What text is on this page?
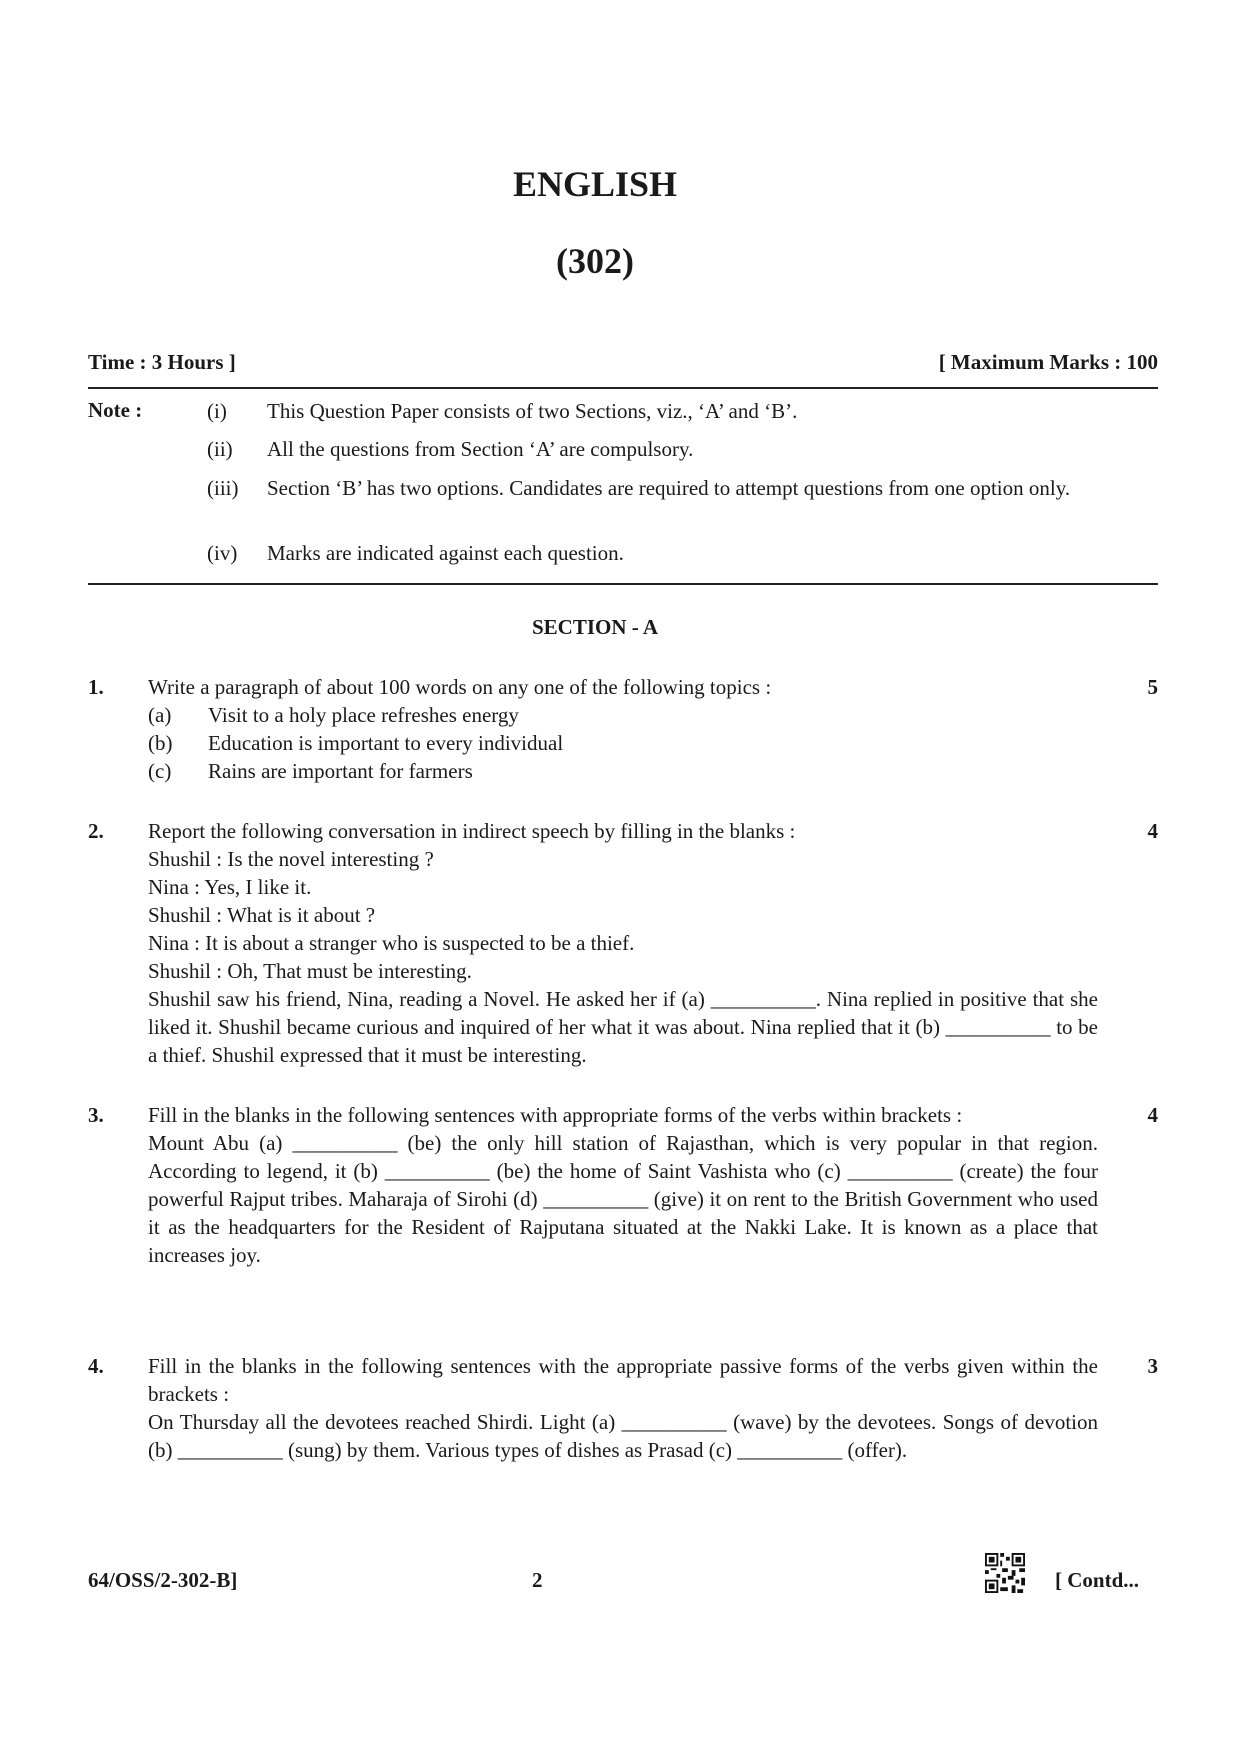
ENGLISH
(302)
Time : 3 Hours ]	[ Maximum Marks : 100
Note :	(i) This Question Paper consists of two Sections, viz., ‘A’ and ‘B’.
(ii) All the questions from Section ‘A’ are compulsory.
(iii) Section ‘B’ has two options. Candidates are required to attempt questions from one option only.
(iv) Marks are indicated against each question.
SECTION - A
1. Write a paragraph of about 100 words on any one of the following topics :
(a) Visit to a holy place refreshes energy
(b) Education is important to every individual
(c) Rains are important for farmers
5
2. Report the following conversation in indirect speech by filling in the blanks :
Shushil : Is the novel interesting ?
Nina : Yes, I like it.
Shushil : What is it about ?
Nina : It is about a stranger who is suspected to be a thief.
Shushil : Oh, That must be interesting.
Shushil saw his friend, Nina, reading a Novel. He asked her if (a) __________. Nina replied in positive that she liked it. Shushil became curious and inquired of her what it was about. Nina replied that it (b) __________ to be a thief. Shushil expressed that it must be interesting.
4
3. Fill in the blanks in the following sentences with appropriate forms of the verbs within brackets :
Mount Abu (a) __________ (be) the only hill station of Rajasthan, which is very popular in that region. According to legend, it (b) __________ (be) the home of Saint Vashista who (c) __________ (create) the four powerful Rajput tribes. Maharaja of Sirohi (d) __________ (give) it on rent to the British Government who used it as the headquarters for the Resident of Rajputana situated at the Nakki Lake. It is known as a place that increases joy.
4
4. Fill in the blanks in the following sentences with the appropriate passive forms of the verbs given within the brackets :
On Thursday all the devotees reached Shirdi. Light (a) __________ (wave) by the devotees. Songs of devotion (b) __________ (sung) by them. Various types of dishes as Prasad (c) __________ (offer).
3
64/OSS/2-302-B]	2	[ Contd...
